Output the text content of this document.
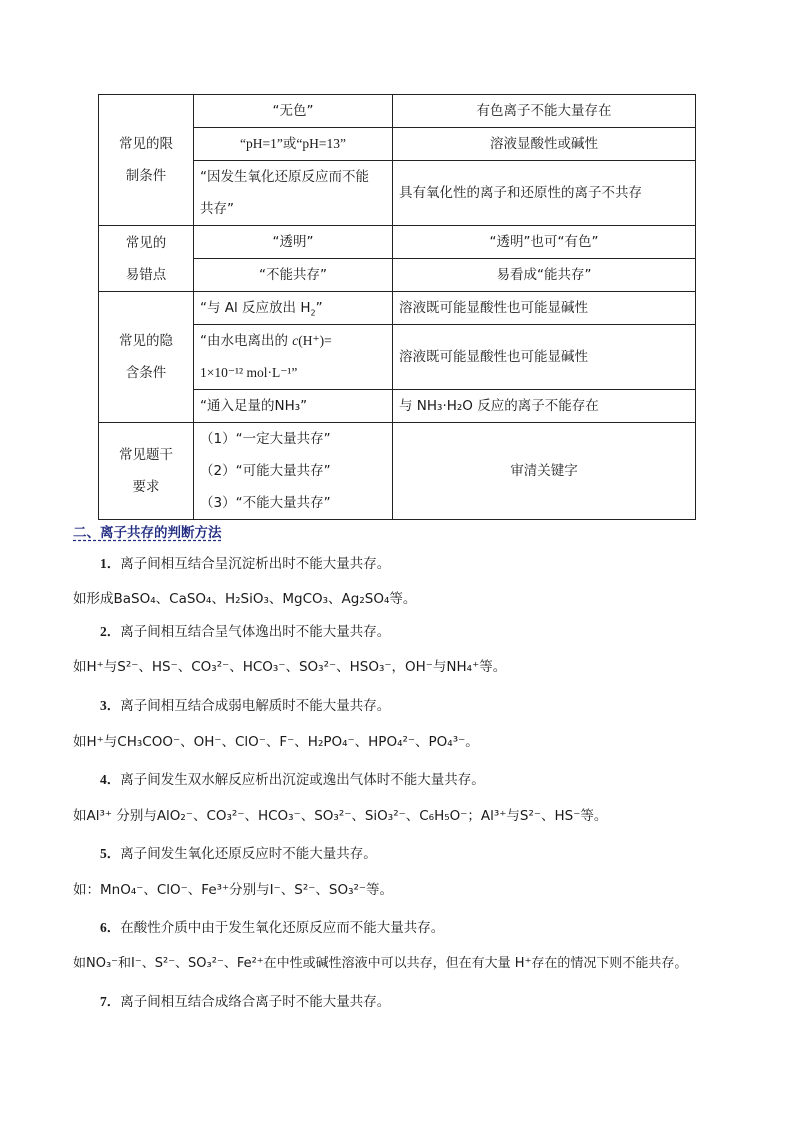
常见的限
制条件	“无色”	有色离子不能大量存在
	“pH=1”或“pH=13”	溶液显酸性或碱性
	“因发生氧化还原反应而不能
共存”	具有氧化性的离子和还原性的离子不共存
常见的
易错点	“透明”	“透明”也可“有色”
	“不能共存”	易看成“能共存”
常见的隐
含条件	“与 Al 反应放出 $H_2$”	溶液既可能显酸性也可能显碱性
	“由水电离出的 c(H⁺)=
1×10⁻¹² mol·L⁻¹”	溶液既可能显酸性也可能显碱性
	“通入足量的NH₃”	与 NH₃·H₂O 反应的离子不能存在
常见题干
要求	（1）“一定大量共存”
（2）“可能大量共存”
（3）“不能大量共存”	审清关键字
二、离子共存的判断方法
1．离子间相互结合呈沉淀析出时不能大量共存。
如形成BaSO₄、CaSO₄、H₂SiO₃、MgCO₃、Ag₂SO₄等。
2．离子间相互结合呈气体逸出时不能大量共存。
如H⁺与S²⁻、HS⁻、CO₃²⁻、HCO₃⁻、SO₃²⁻、HSO₃⁻，OH⁻与NH₄⁺等。
3．离子间相互结合成弱电解质时不能大量共存。
如H⁺与CH₃COO⁻、OH⁻、ClO⁻、F⁻、H₂PO₄⁻、HPO₄²⁻、PO₄³⁻。
4．离子间发生双水解反应析出沉淀或逸出气体时不能大量共存。
如Al³⁺ 分别与AlO₂⁻、CO₃²⁻、HCO₃⁻、SO₃²⁻、SiO₃²⁻、C₆H₅O⁻；Al³⁺与S²⁻、HS⁻等。
5．离子间发生氧化还原反应时不能大量共存。
如：MnO₄⁻、ClO⁻、Fe³⁺分别与I⁻、S²⁻、SO₃²⁻等。
6．在酸性介质中由于发生氧化还原反应而不能大量共存。
如NO₃⁻和I⁻、S²⁻、SO₃²⁻、Fe²⁺在中性或碱性溶液中可以共存，但在有大量 H⁺存在的情况下则不能共存。
7．离子间相互结合成络合离子时不能大量共存。
